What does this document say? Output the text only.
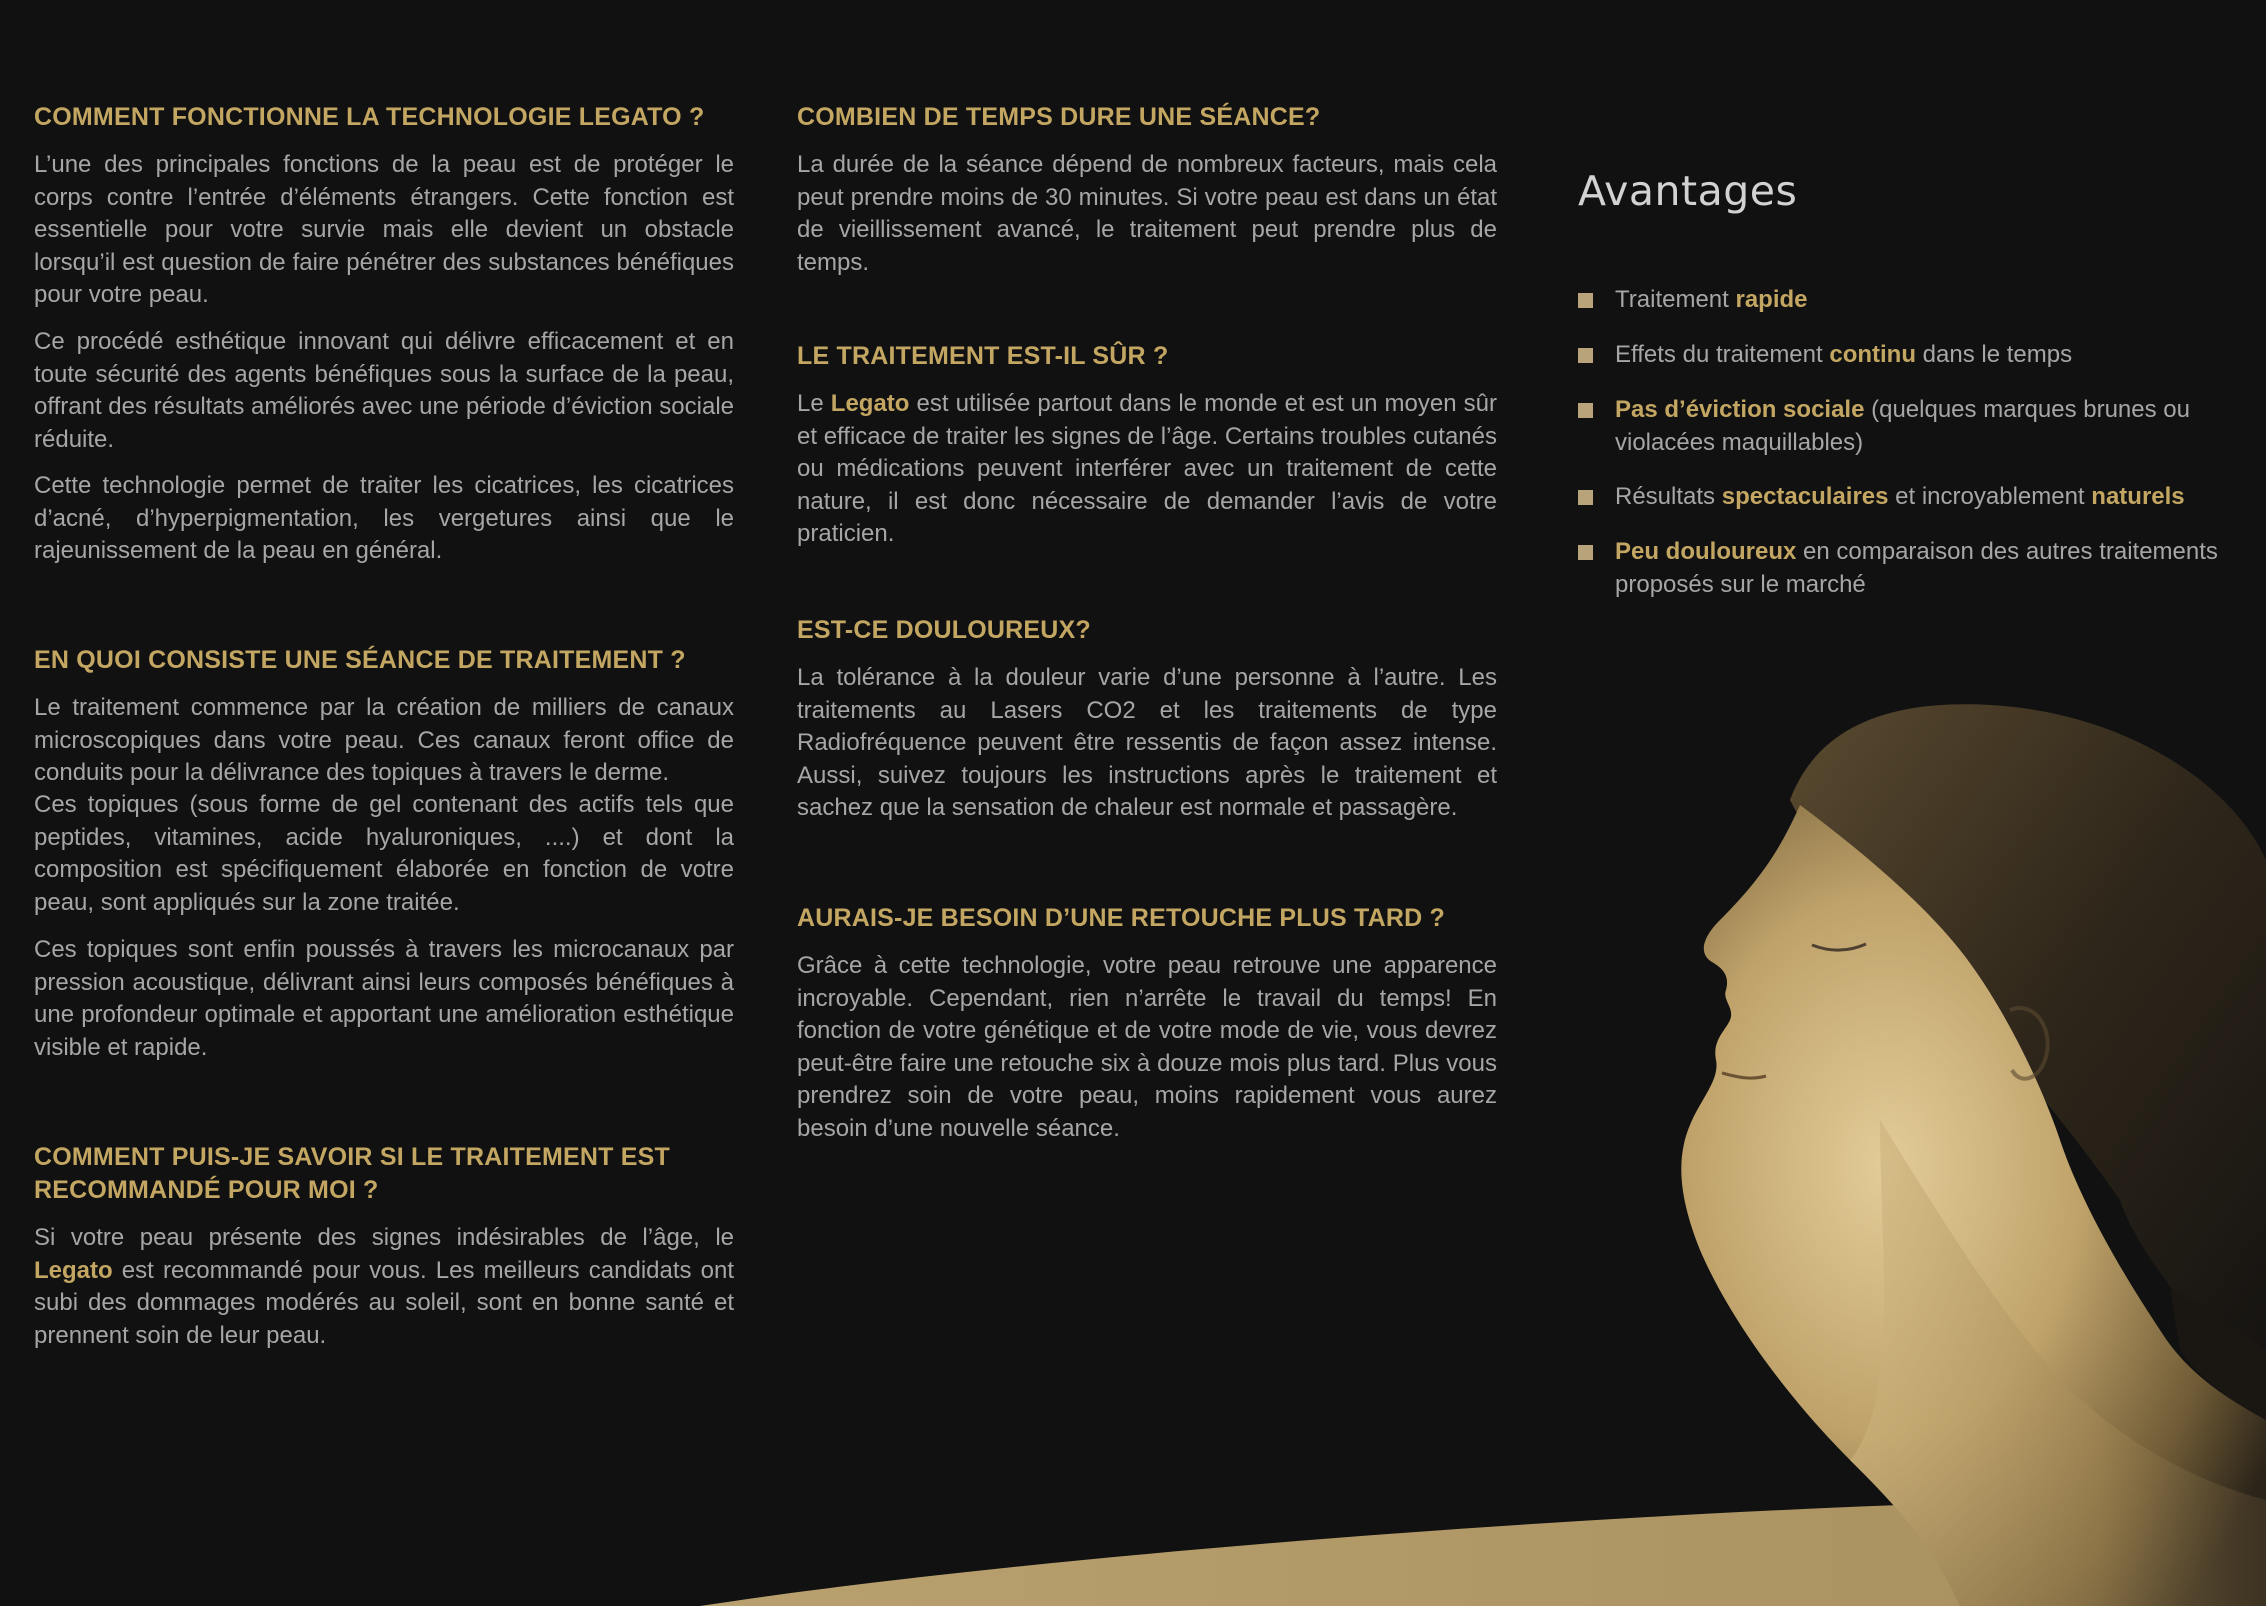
COMMENT FONCTIONNE LA TECHNOLOGIE LEGATO ?

L’une des principales fonctions de la peau est de protéger le corps contre l’entrée d’éléments étrangers. Cette fonction est essentielle pour votre survie mais elle devient un obstacle lorsqu’il est question de faire pénétrer des substances bénéfiques pour votre peau.

Ce procédé esthétique innovant qui délivre efficacement et en toute sécurité des agents bénéfiques sous la surface de la peau, offrant des résultats améliorés avec une période d’éviction sociale réduite.

Cette technologie permet de traiter les cicatrices, les cicatrices d’acné, d’hyperpigmentation, les vergetures ainsi que le rajeunissement de la peau en général.

EN QUOI CONSISTE UNE SÉANCE DE TRAITEMENT ?

Le traitement commence par la création de milliers de canaux microscopiques dans votre peau. Ces canaux feront office de conduits pour la délivrance des topiques à travers le derme.

Ces topiques (sous forme de gel contenant des actifs tels que peptides, vitamines, acide hyaluroniques, ....) et dont la composition est spécifiquement élaborée en fonction de votre peau, sont appliqués sur la zone traitée.

Ces topiques sont enfin poussés à travers les microcanaux par pression acoustique, délivrant ainsi leurs composés bénéfiques à une profondeur optimale et apportant une amélioration esthétique visible et rapide.

COMMENT PUIS-JE SAVOIR SI LE TRAITEMENT EST RECOMMANDÉ POUR MOI ?

Si votre peau présente des signes indésirables de l’âge, le Legato est recommandé pour vous. Les meilleurs candidats ont subi des dommages modérés au soleil, sont en bonne santé et prennent soin de leur peau.

COMBIEN DE TEMPS DURE UNE SÉANCE?

La durée de la séance dépend de nombreux facteurs, mais cela peut prendre moins de 30 minutes. Si votre peau est dans un état de vieillissement avancé, le traitement peut prendre plus de temps.

LE TRAITEMENT EST-IL SÛR ?

Le Legato est utilisée partout dans le monde et est un moyen sûr et efficace de traiter les signes de l’âge. Certains troubles cutanés ou médications peuvent interférer avec un traitement de cette nature, il est donc nécessaire de demander l’avis de votre praticien.

EST-CE DOULOUREUX?

La tolérance à la douleur varie d’une personne à l’autre. Les traitements au Lasers CO2 et les traitements de type Radiofréquence peuvent être ressentis de façon assez intense. Aussi, suivez toujours les instructions après le traitement et sachez que la sensation de chaleur est normale et passagère.

AURAIS-JE BESOIN D’UNE RETOUCHE PLUS TARD ?

Grâce à cette technologie, votre peau retrouve une apparence incroyable. Cependant, rien n’arrête le travail du temps! En fonction de votre génétique et de votre mode de vie, vous devrez peut-être faire une retouche six à douze mois plus tard. Plus vous prendrez soin de votre peau, moins rapidement vous aurez besoin d’une nouvelle séance.

Avantages
Traitement rapide
Effets du traitement continu dans le temps
Pas d’éviction sociale (quelques marques brunes ou violacées maquillables)
Résultats spectaculaires et incroyablement naturels
Peu douloureux en comparaison des autres traitements proposés sur le marché
